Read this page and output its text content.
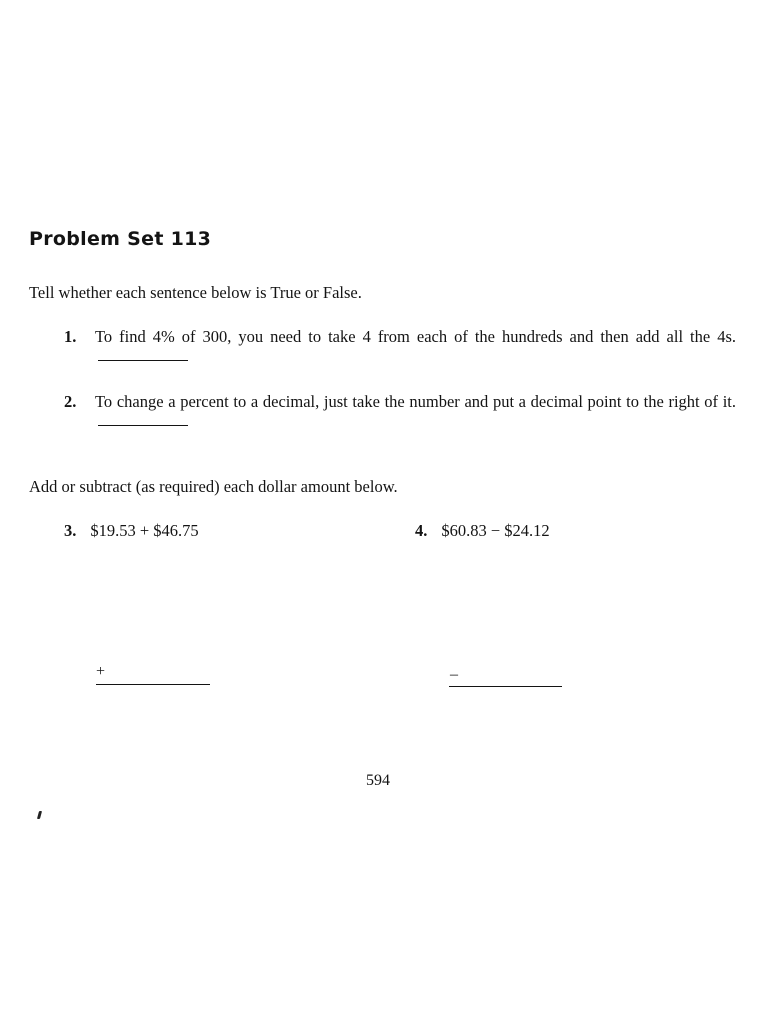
Problem Set 113
Tell whether each sentence below is True or False.
1. To find 4% of 300, you need to take 4 from each of the hundreds and then add all the 4s.
2. To change a percent to a decimal, just take the number and put a decimal point to the right of it.
Add or subtract (as required) each dollar amount below.
3. $19.53 + $46.75	4. $60.83 − $24.12
+	–
594
